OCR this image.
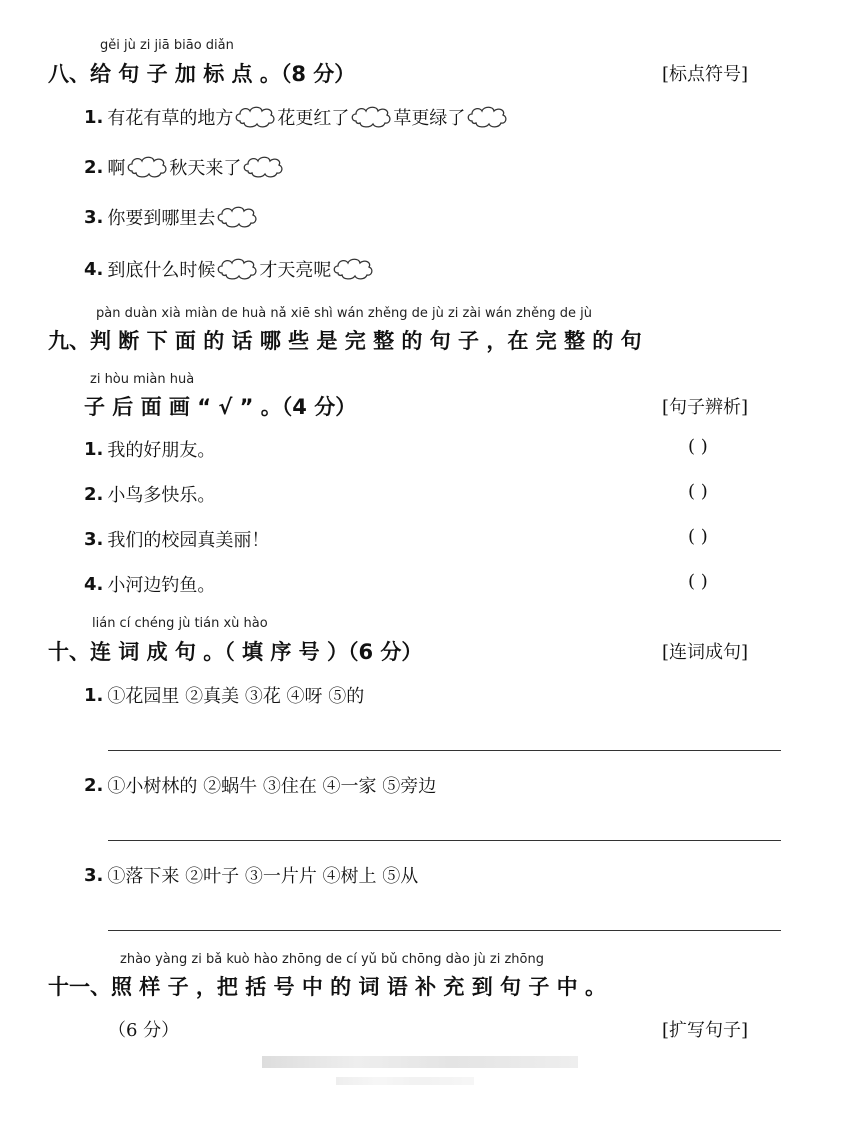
gěi jù zi jiā biāo diǎn
八、给 句 子 加 标 点 。（8 分）	[标点符号]
1. 有花有草的地方 花更红了 草更绿了
2. 啊 秋天来了
3. 你要到哪里去
4. 到底什么时候 才天亮呢
pàn duàn xià miàn de huà nǎ xiē shì wán zhěng de jù zi zài wán zhěng de jù
九、判 断 下 面 的 话 哪 些 是 完 整 的 句 子 ，在 完 整 的 句
zi hòu miàn huà
子 后 面 画 “ √ ” 。（4 分）	[句子辨析]
1. 我的好朋友。	( )
2. 小鸟多快乐。	( )
3. 我们的校园真美丽！	( )
4. 小河边钓鱼。	( )
lián cí chéng jù tián xù hào
十、连 词 成 句 。（ 填 序 号 ）（6 分）	[连词成句]
1. ①花园里 ②真美 ③花 ④呀 ⑤的
2. ①小树林的 ②蜗牛 ③住在 ④一家 ⑤旁边
3. ①落下来 ②叶子 ③一片片 ④树上 ⑤从
zhào yàng zi bǎ kuò hào zhōng de cí yǔ bǔ chōng dào jù zi zhōng
十一、照 样 子 ，把 括 号 中 的 词 语 补 充 到 句 子 中 。
（6 分）	[扩写句子]
